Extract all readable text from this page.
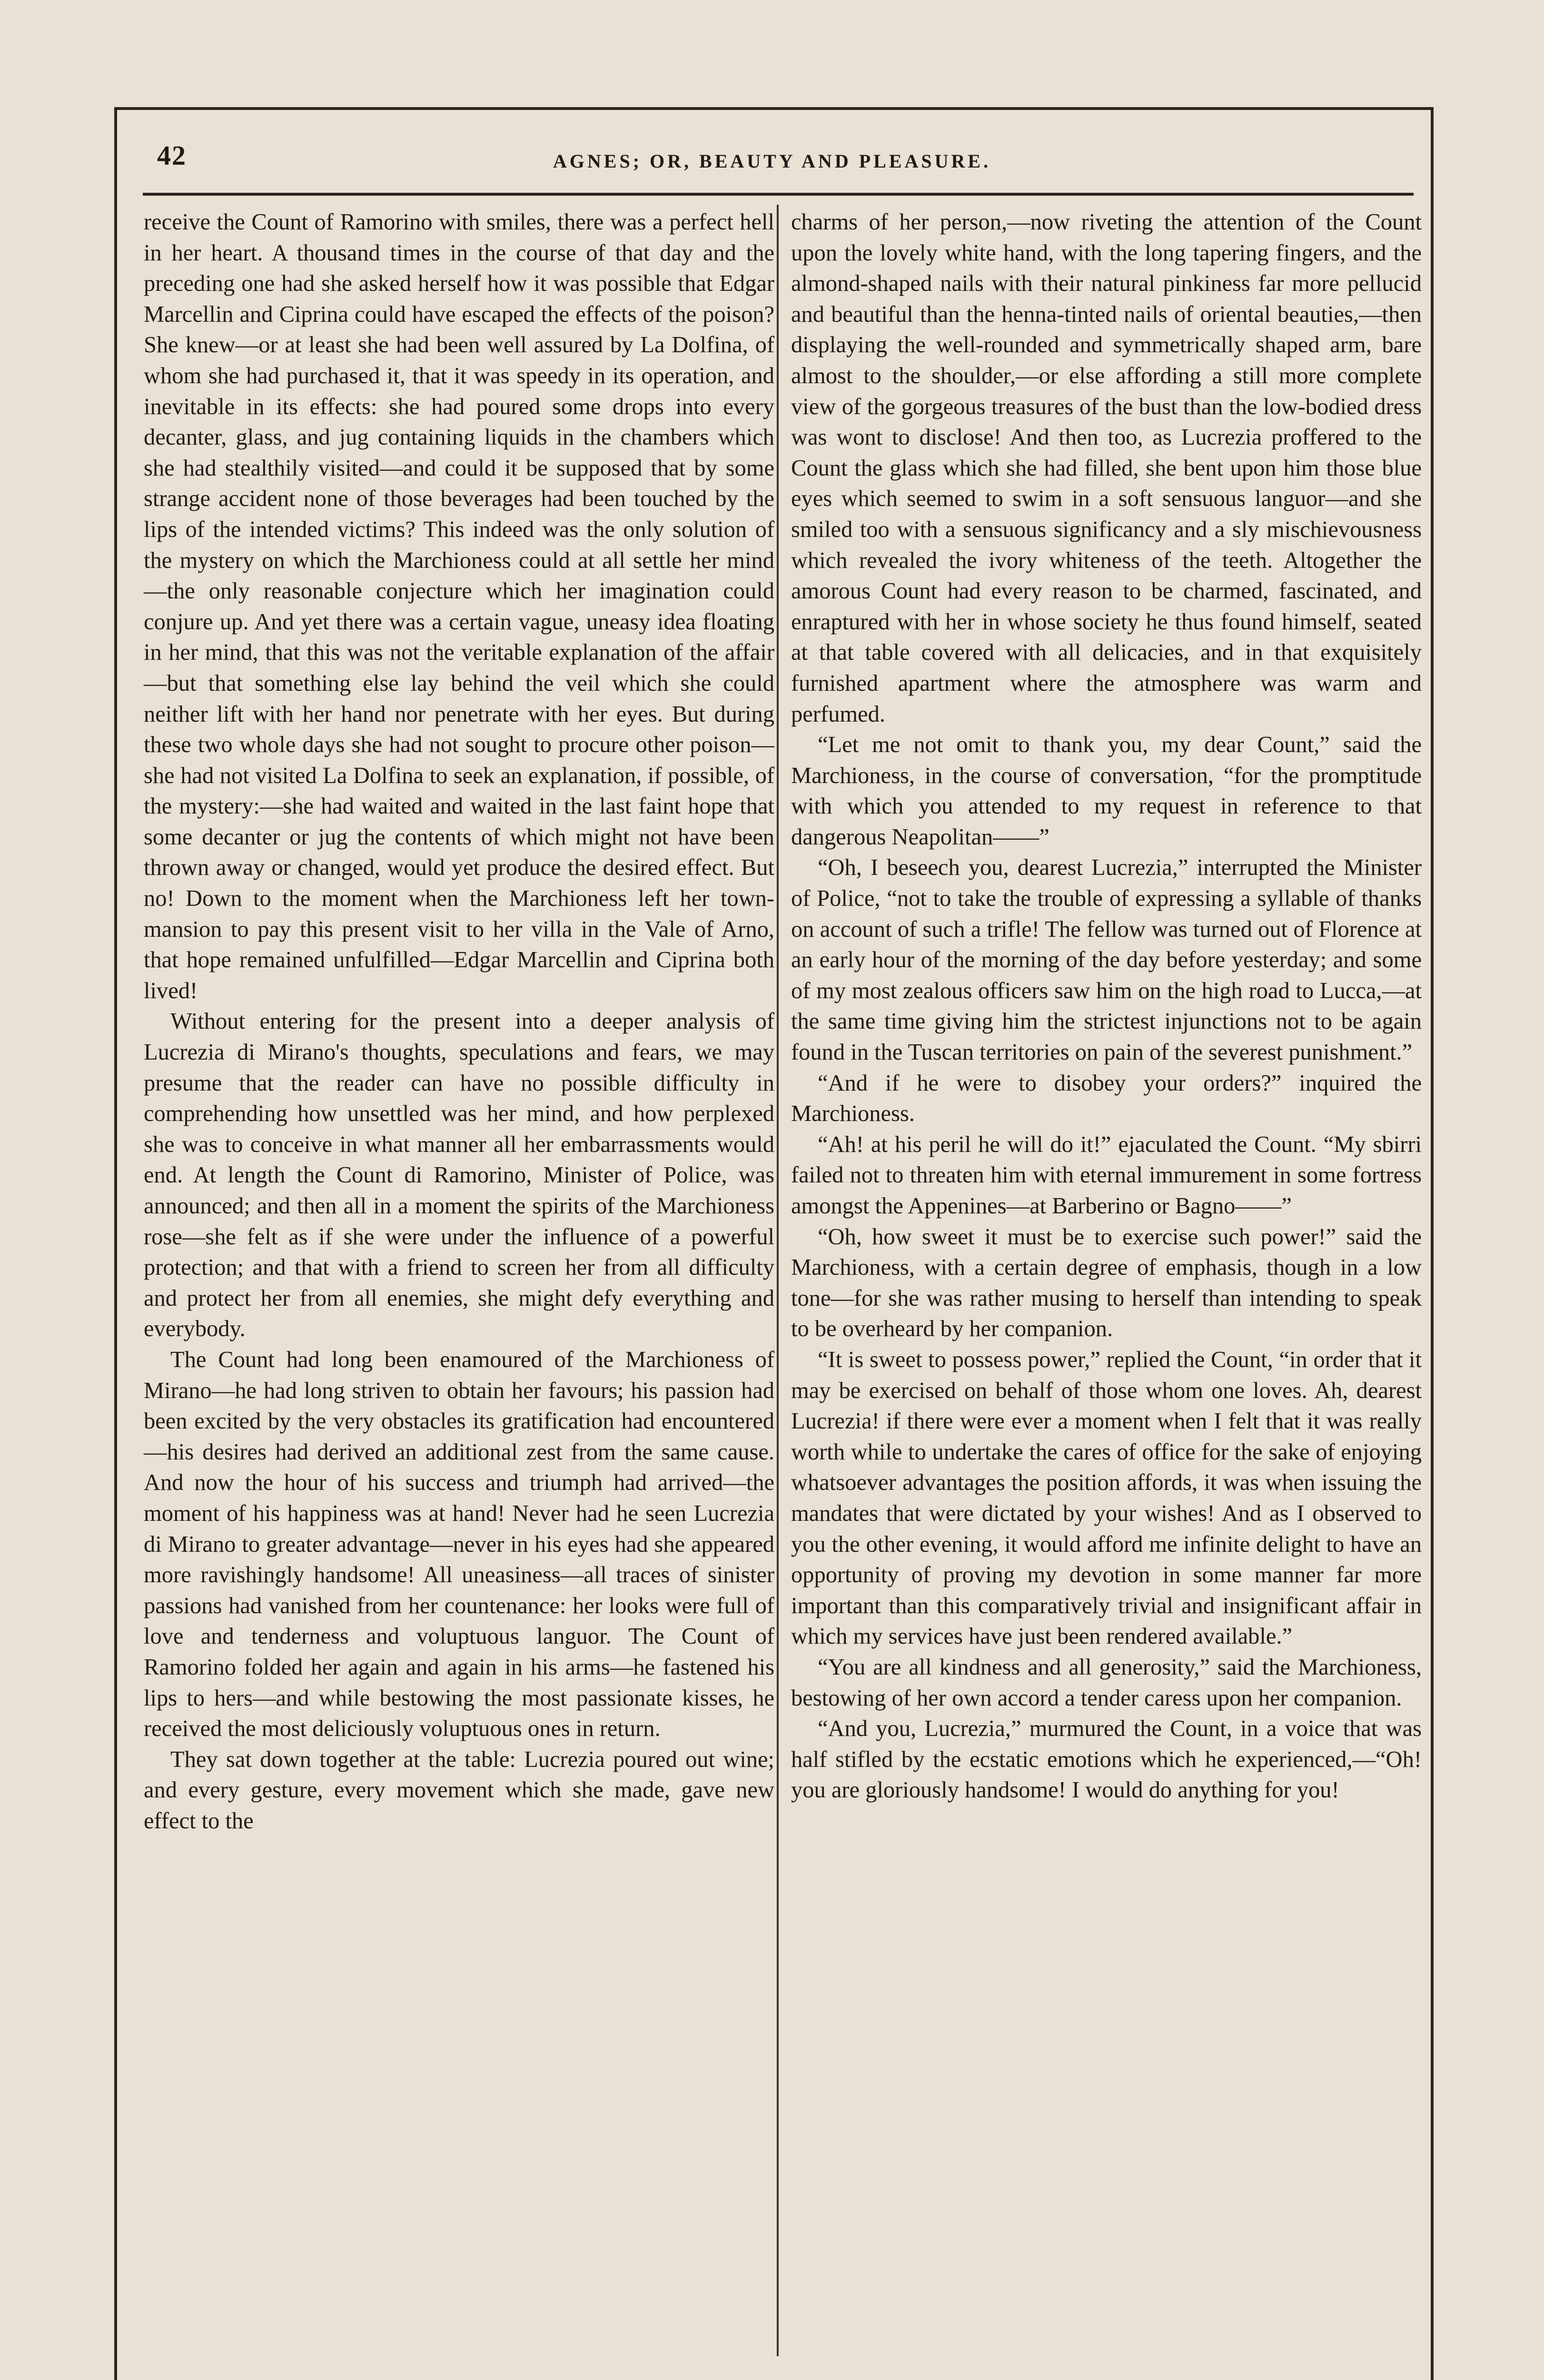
42	AGNES; OR, BEAUTY AND PLEASURE.

receive the Count of Ramorino with smiles, there was a perfect hell in her heart. A thousand times in the course of that day and the preceding one had she asked herself how it was possible that Edgar Marcellin and Ciprina could have escaped the effects of the poison? She knew—or at least she had been well assured by La Dolfina, of whom she had purchased it, that it was speedy in its operation, and inevitable in its effects: she had poured some drops into every decanter, glass, and jug containing liquids in the chambers which she had stealthily visited—and could it be supposed that by some strange accident none of those beverages had been touched by the lips of the intended victims? This indeed was the only solution of the mystery on which the Marchioness could at all settle her mind—the only reasonable conjecture which her imagination could conjure up. And yet there was a certain vague, uneasy idea floating in her mind, that this was not the veritable explanation of the affair—but that something else lay behind the veil which she could neither lift with her hand nor penetrate with her eyes. But during these two whole days she had not sought to procure other poison—she had not visited La Dolfina to seek an explanation, if possible, of the mystery:—she had waited and waited in the last faint hope that some decanter or jug the contents of which might not have been thrown away or changed, would yet produce the desired effect. But no! Down to the moment when the Marchioness left her town-mansion to pay this present visit to her villa in the Vale of Arno, that hope remained unfulfilled—Edgar Marcellin and Ciprina both lived!

Without entering for the present into a deeper analysis of Lucrezia di Mirano's thoughts, speculations and fears, we may presume that the reader can have no possible difficulty in comprehending how unsettled was her mind, and how perplexed she was to conceive in what manner all her embarrassments would end. At length the Count di Ramorino, Minister of Police, was announced; and then all in a moment the spirits of the Marchioness rose—she felt as if she were under the influence of a powerful protection; and that with a friend to screen her from all difficulty and protect her from all enemies, she might defy everything and everybody.

The Count had long been enamoured of the Marchioness of Mirano—he had long striven to obtain her favours; his passion had been excited by the very obstacles its gratification had encountered—his desires had derived an additional zest from the same cause. And now the hour of his success and triumph had arrived—the moment of his happiness was at hand! Never had he seen Lucrezia di Mirano to greater advantage—never in his eyes had she appeared more ravishingly handsome! All uneasiness—all traces of sinister passions had vanished from her countenance: her looks were full of love and tenderness and voluptuous languor. The Count of Ramorino folded her again and again in his arms—he fastened his lips to hers—and while bestowing the most passionate kisses, he received the most deliciously voluptuous ones in return.

They sat down together at the table: Lucrezia poured out wine; and every gesture, every movement which she made, gave new effect to the

charms of her person,—now riveting the attention of the Count upon the lovely white hand, with the long tapering fingers, and the almond-shaped nails with their natural pinkiness far more pellucid and beautiful than the henna-tinted nails of oriental beauties,—then displaying the well-rounded and symmetrically shaped arm, bare almost to the shoulder,—or else affording a still more complete view of the gorgeous treasures of the bust than the low-bodied dress was wont to disclose! And then too, as Lucrezia proffered to the Count the glass which she had filled, she bent upon him those blue eyes which seemed to swim in a soft sensuous languor—and she smiled too with a sensuous significancy and a sly mischievousness which revealed the ivory whiteness of the teeth. Altogether the amorous Count had every reason to be charmed, fascinated, and enraptured with her in whose society he thus found himself, seated at that table covered with all delicacies, and in that exquisitely furnished apartment where the atmosphere was warm and perfumed.

“Let me not omit to thank you, my dear Count,” said the Marchioness, in the course of conversation, “for the promptitude with which you attended to my request in reference to that dangerous Neapolitan——”

“Oh, I beseech you, dearest Lucrezia,” interrupted the Minister of Police, “not to take the trouble of expressing a syllable of thanks on account of such a trifle! The fellow was turned out of Florence at an early hour of the morning of the day before yesterday; and some of my most zealous officers saw him on the high road to Lucca,—at the same time giving him the strictest injunctions not to be again found in the Tuscan territories on pain of the severest punishment.”

“And if he were to disobey your orders?” inquired the Marchioness.

“Ah! at his peril he will do it!” ejaculated the Count. “My sbirri failed not to threaten him with eternal immurement in some fortress amongst the Appenines—at Barberino or Bagno——”

“Oh, how sweet it must be to exercise such power!” said the Marchioness, with a certain degree of emphasis, though in a low tone—for she was rather musing to herself than intending to speak to be overheard by her companion.

“It is sweet to possess power,” replied the Count, “in order that it may be exercised on behalf of those whom one loves. Ah, dearest Lucrezia! if there were ever a moment when I felt that it was really worth while to undertake the cares of office for the sake of enjoying whatsoever advantages the position affords, it was when issuing the mandates that were dictated by your wishes! And as I observed to you the other evening, it would afford me infinite delight to have an opportunity of proving my devotion in some manner far more important than this comparatively trivial and insignificant affair in which my services have just been rendered available.”

“You are all kindness and all generosity,” said the Marchioness, bestowing of her own accord a tender caress upon her companion.

“And you, Lucrezia,” murmured the Count, in a voice that was half stifled by the ecstatic emotions which he experienced,—“Oh! you are gloriously handsome! I would do anything for you!
